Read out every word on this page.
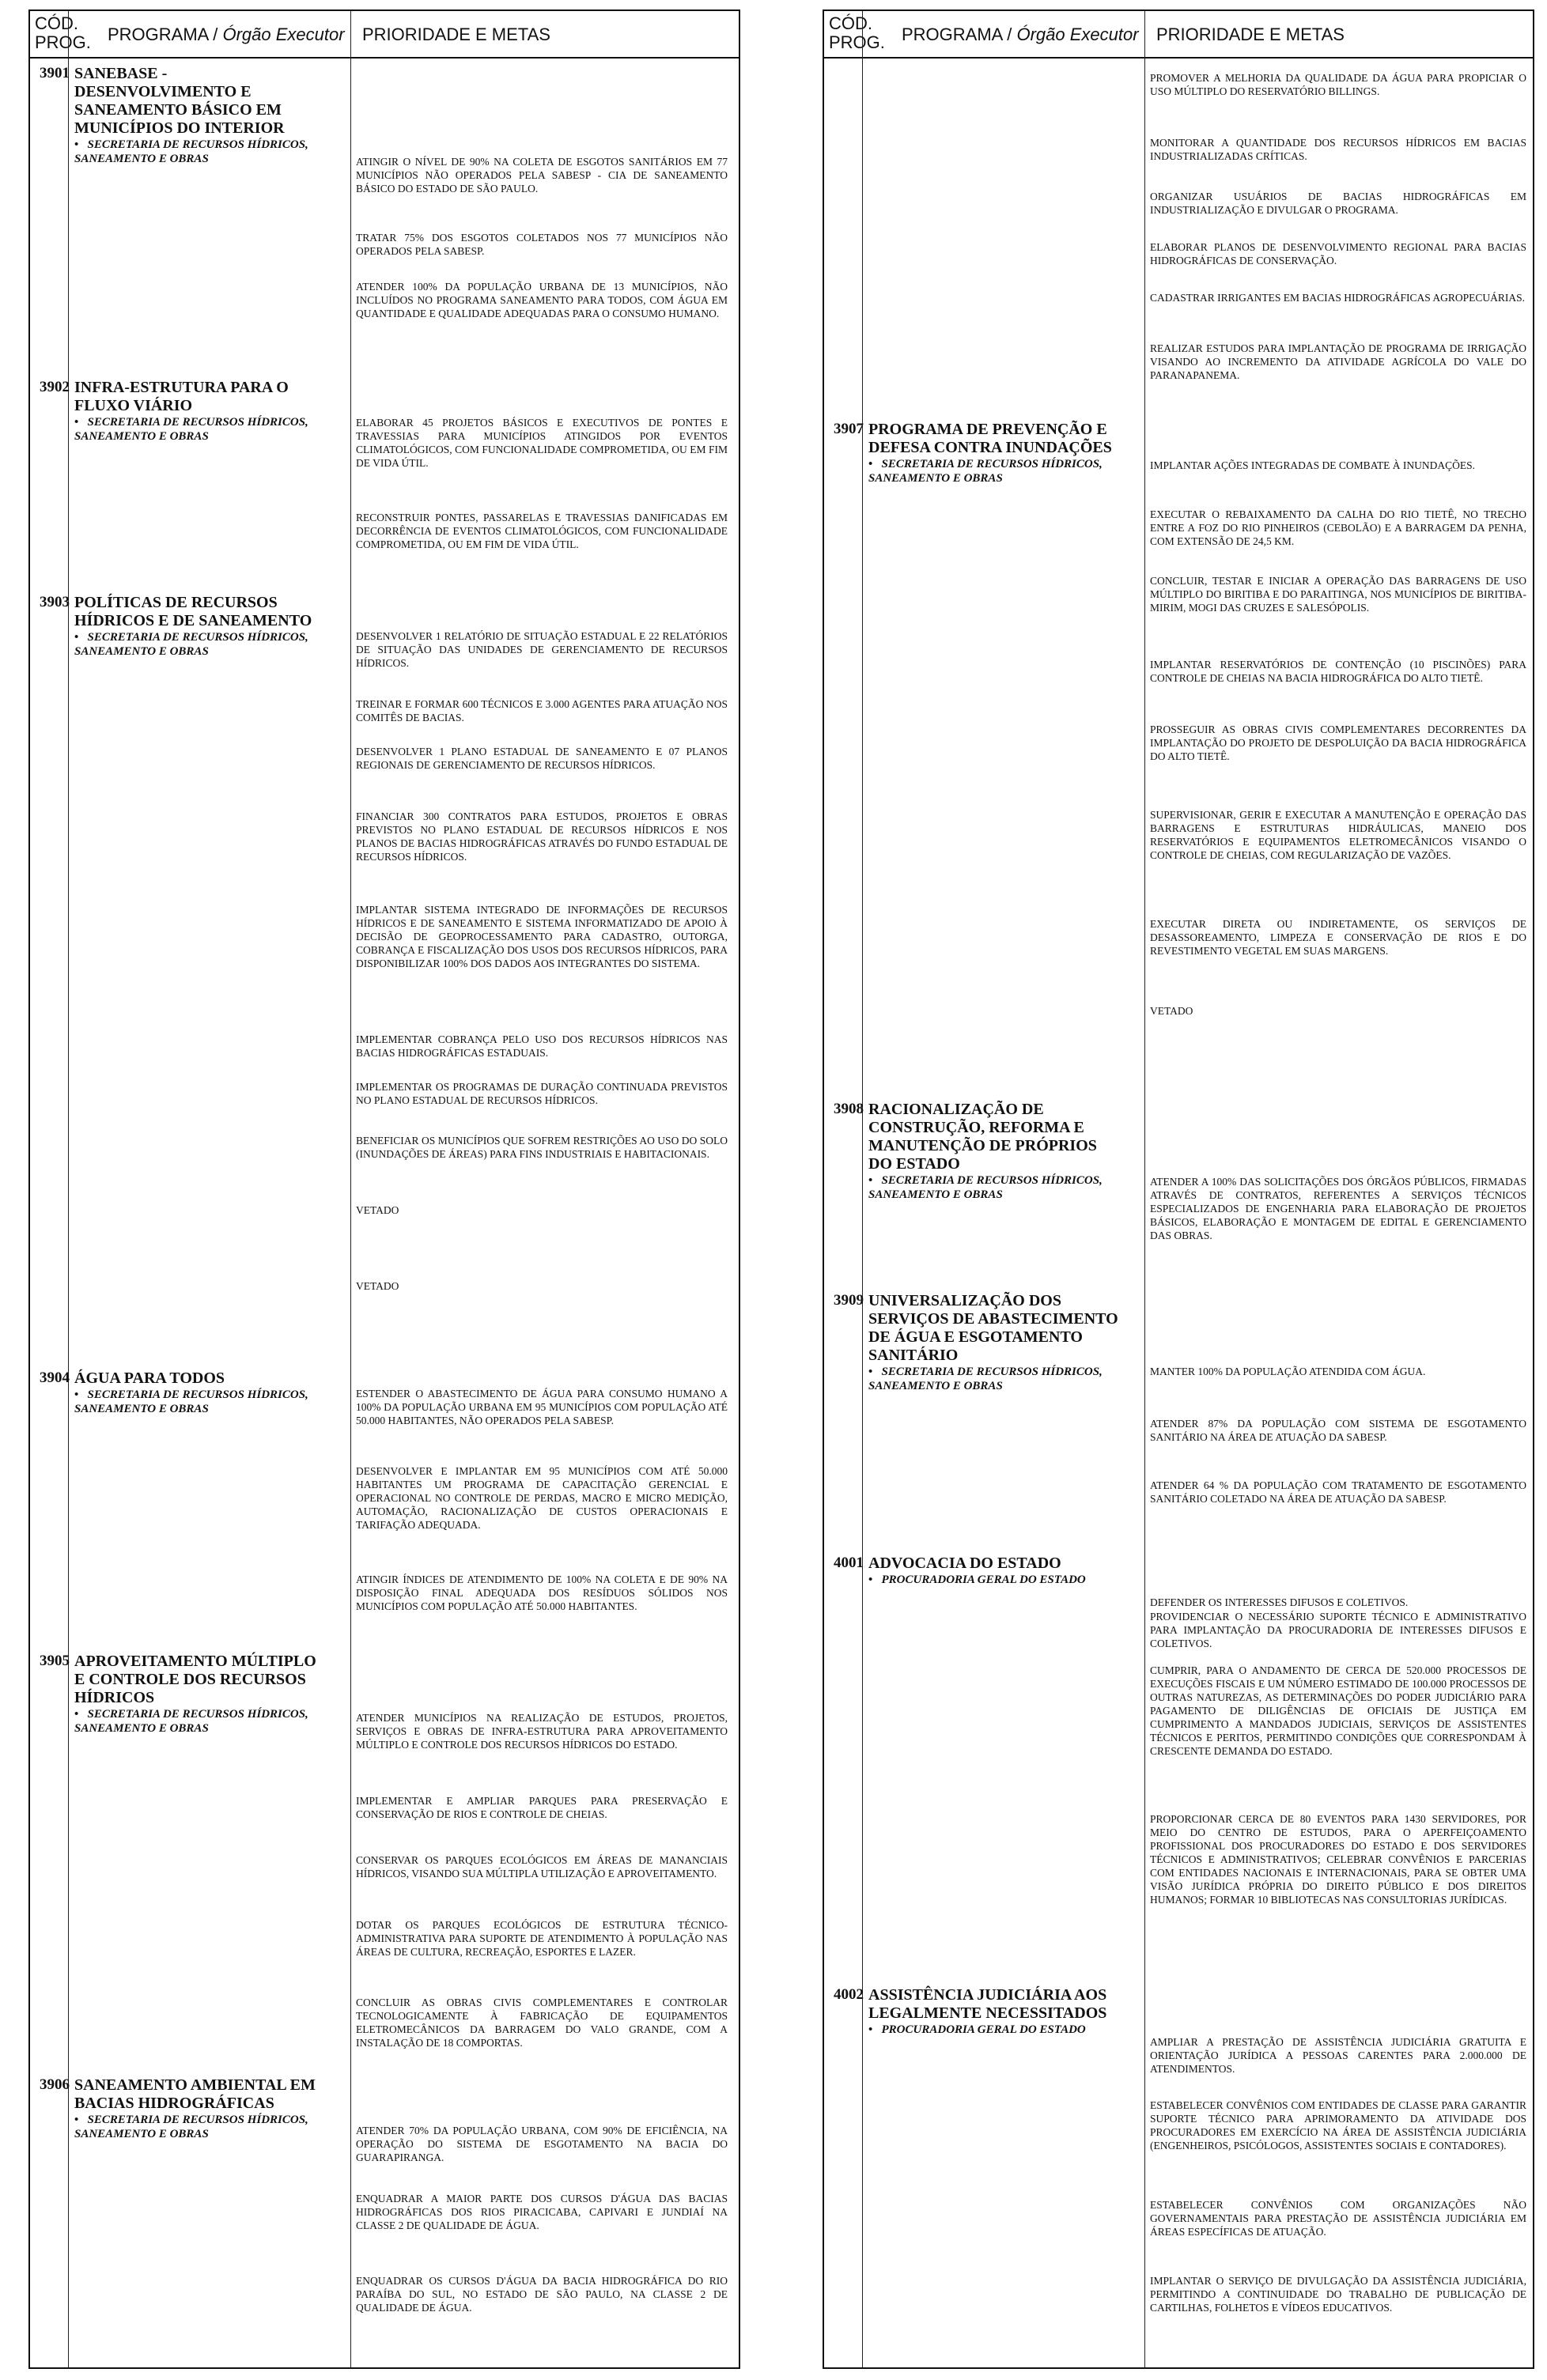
CÓD.
PROG. PROGRAMA / Órgão Executor PRIORIDADE E METAS
3901 SANEBASE - DESENVOLVIMENTO E SANEAMENTO BÁSICO EM MUNICÍPIOS DO INTERIOR
•   SECRETARIA DE RECURSOS HÍDRICOS, SANEAMENTO E OBRAS	ATINGIR O NÍVEL DE 90% NA COLETA DE ESGOTOS SANITÁRIOS EM 77 MUNICÍPIOS NÃO OPERADOS PELA SABESP - CIA DE SANEAMENTO BÁSICO DO ESTADO DE SÃO PAULO.
TRATAR 75% DOS ESGOTOS COLETADOS NOS 77 MUNICÍPIOS NÃO OPERADOS PELA SABESP.
ATENDER 100% DA POPULAÇÃO URBANA DE 13 MUNICÍPIOS, NÃO INCLUÍDOS NO PROGRAMA SANEAMENTO PARA TODOS, COM ÁGUA EM QUANTIDADE E QUALIDADE ADEQUADAS PARA O CONSUMO HUMANO.
3902 INFRA-ESTRUTURA PARA O FLUXO VIÁRIO
•   SECRETARIA DE RECURSOS HÍDRICOS, SANEAMENTO E OBRAS
ELABORAR 45 PROJETOS BÁSICOS E EXECUTIVOS DE PONTES E TRAVESSIAS PARA MUNICÍPIOS ATINGIDOS POR EVENTOS CLIMATOLÓGICOS, COM FUNCIONALIDADE COMPROMETIDA, OU EM FIM DE VIDA ÚTIL.
RECONSTRUIR PONTES, PASSARELAS E TRAVESSIAS DANIFICADAS EM DECORRÊNCIA DE EVENTOS CLIMATOLÓGICOS, COM FUNCIONALIDADE COMPROMETIDA, OU EM FIM DE VIDA ÚTIL.
3903 POLÍTICAS DE RECURSOS HÍDRICOS E DE SANEAMENTO
•   SECRETARIA DE RECURSOS HÍDRICOS, SANEAMENTO E OBRAS
DESENVOLVER 1 RELATÓRIO DE SITUAÇÃO ESTADUAL E 22 RELATÓRIOS DE SITUAÇÃO DAS UNIDADES DE GERENCIAMENTO DE RECURSOS HÍDRICOS.
TREINAR E FORMAR 600 TÉCNICOS E 3.000 AGENTES PARA ATUAÇÃO NOS COMITÊS DE BACIAS.
DESENVOLVER 1 PLANO ESTADUAL DE SANEAMENTO E 07 PLANOS REGIONAIS DE GERENCIAMENTO DE RECURSOS HÍDRICOS.
FINANCIAR 300 CONTRATOS PARA ESTUDOS, PROJETOS E OBRAS PREVISTOS NO PLANO ESTADUAL DE RECURSOS HÍDRICOS E NOS PLANOS DE BACIAS HIDROGRÁFICAS ATRAVÉS DO FUNDO ESTADUAL DE RECURSOS HÍDRICOS.
IMPLANTAR SISTEMA INTEGRADO DE INFORMAÇÕES DE RECURSOS HÍDRICOS E DE SANEAMENTO E SISTEMA INFORMATIZADO DE APOIO À DECISÃO DE GEOPROCESSAMENTO PARA CADASTRO, OUTORGA, COBRANÇA E FISCALIZAÇÃO DOS USOS DOS RECURSOS HÍDRICOS, PARA DISPONIBILIZAR 100% DOS DADOS AOS INTEGRANTES DO SISTEMA.
IMPLEMENTAR COBRANÇA PELO USO DOS RECURSOS HÍDRICOS NAS BACIAS HIDROGRÁFICAS ESTADUAIS.
IMPLEMENTAR OS PROGRAMAS DE DURAÇÃO CONTINUADA PREVISTOS NO PLANO ESTADUAL DE RECURSOS HÍDRICOS.
BENEFICIAR OS MUNICÍPIOS QUE SOFREM RESTRIÇÕES AO USO DO SOLO (INUNDAÇÕES DE ÁREAS) PARA FINS INDUSTRIAIS E HABITACIONAIS.
VETADO
VETADO
3904 ÁGUA PARA TODOS
•   SECRETARIA DE RECURSOS HÍDRICOS, SANEAMENTO E OBRAS
ESTENDER O ABASTECIMENTO DE ÁGUA PARA CONSUMO HUMANO A 100% DA POPULAÇÃO URBANA EM 95 MUNICÍPIOS COM POPULAÇÃO ATÉ 50.000 HABITANTES, NÃO OPERADOS PELA SABESP.
DESENVOLVER E IMPLANTAR EM 95 MUNICÍPIOS COM ATÉ 50.000 HABITANTES UM PROGRAMA DE CAPACITAÇÃO GERENCIAL E OPERACIONAL NO CONTROLE DE PERDAS, MACRO E MICRO MEDIÇÃO, AUTOMAÇÃO, RACIONALIZAÇÃO DE CUSTOS OPERACIONAIS E TARIFAÇÃO ADEQUADA.
ATINGIR ÍNDICES DE ATENDIMENTO DE 100% NA COLETA E DE 90% NA DISPOSIÇÃO FINAL ADEQUADA DOS RESÍDUOS SÓLIDOS NOS MUNICÍPIOS COM POPULAÇÃO ATÉ 50.000 HABITANTES.
3905 APROVEITAMENTO MÚLTIPLO E CONTROLE DOS RECURSOS HÍDRICOS
•   SECRETARIA DE RECURSOS HÍDRICOS, SANEAMENTO E OBRAS
ATENDER MUNICÍPIOS NA REALIZAÇÃO DE ESTUDOS, PROJETOS, SERVIÇOS E OBRAS DE INFRA-ESTRUTURA PARA APROVEITAMENTO MÚLTIPLO E CONTROLE DOS RECURSOS HÍDRICOS DO ESTADO.
IMPLEMENTAR E AMPLIAR PARQUES PARA PRESERVAÇÃO E CONSERVAÇÃO DE RIOS E CONTROLE DE CHEIAS.
CONSERVAR OS PARQUES ECOLÓGICOS EM ÁREAS DE MANANCIAIS HÍDRICOS, VISANDO SUA MÚLTIPLA UTILIZAÇÃO E APROVEITAMENTO.
DOTAR OS PARQUES ECOLÓGICOS DE ESTRUTURA TÉCNICO-ADMINISTRATIVA PARA SUPORTE DE ATENDIMENTO À POPULAÇÃO NAS ÁREAS DE CULTURA, RECREAÇÃO, ESPORTES E LAZER.
CONCLUIR AS OBRAS CIVIS COMPLEMENTARES E CONTROLAR TECNOLOGICAMENTE À FABRICAÇÃO DE EQUIPAMENTOS ELETROMECÂNICOS DA BARRAGEM DO VALO GRANDE, COM A INSTALAÇÃO DE 18 COMPORTAS.
3906 SANEAMENTO AMBIENTAL EM BACIAS HIDROGRÁFICAS
•   SECRETARIA DE RECURSOS HÍDRICOS, SANEAMENTO E OBRAS	ATENDER 70% DA POPULAÇÃO URBANA, COM 90% DE EFICIÊNCIA, NA OPERAÇÃO DO SISTEMA DE ESGOTAMENTO NA BACIA DO GUARAPIRANGA.
ENQUADRAR A MAIOR PARTE DOS CURSOS D'ÁGUA DAS BACIAS HIDROGRÁFICAS DOS RIOS PIRACICABA, CAPIVARI E JUNDIAÍ NA CLASSE 2 DE QUALIDADE DE ÁGUA.
ENQUADRAR OS CURSOS D'ÁGUA DA BACIA HIDROGRÁFICA DO RIO PARAÍBA DO SUL, NO ESTADO DE SÃO PAULO, NA CLASSE 2 DE QUALIDADE DE ÁGUA.
CÓD.
PROG. PROGRAMA / Órgão Executor PRIORIDADE E METAS
PROMOVER A MELHORIA DA QUALIDADE DA ÁGUA PARA PROPICIAR O USO MÚLTIPLO DO RESERVATÓRIO BILLINGS.
MONITORAR A QUANTIDADE DOS RECURSOS HÍDRICOS EM BACIAS INDUSTRIALIZADAS CRÍTICAS.
ORGANIZAR USUÁRIOS DE BACIAS HIDROGRÁFICAS EM INDUSTRIALIZAÇÃO E DIVULGAR O PROGRAMA.
ELABORAR PLANOS DE DESENVOLVIMENTO REGIONAL PARA BACIAS HIDROGRÁFICAS DE CONSERVAÇÃO.
CADASTRAR IRRIGANTES EM BACIAS HIDROGRÁFICAS AGROPECUÁRIAS.
REALIZAR ESTUDOS PARA IMPLANTAÇÃO DE PROGRAMA DE IRRIGAÇÃO VISANDO AO INCREMENTO DA ATIVIDADE AGRÍCOLA DO VALE DO PARANAPANEMA.
3907 PROGRAMA DE PREVENÇÃO E DEFESA CONTRA INUNDAÇÕES
•   SECRETARIA DE RECURSOS HÍDRICOS, SANEAMENTO E OBRAS
IMPLANTAR AÇÕES INTEGRADAS DE COMBATE À INUNDAÇÕES.
EXECUTAR O REBAIXAMENTO DA CALHA DO RIO TIETÊ, NO TRECHO ENTRE A FOZ DO RIO PINHEIROS (CEBOLÃO) E A BARRAGEM DA PENHA, COM EXTENSÃO DE 24,5 KM.
CONCLUIR, TESTAR E INICIAR A OPERAÇÃO DAS BARRAGENS DE USO MÚLTIPLO DO BIRITIBA E DO PARAITINGA, NOS MUNICÍPIOS DE BIRITIBA-MIRIM, MOGI DAS CRUZES E SALESÓPOLIS.
IMPLANTAR RESERVATÓRIOS DE CONTENÇÃO (10 PISCINÕES) PARA CONTROLE DE CHEIAS NA BACIA HIDROGRÁFICA DO ALTO TIETÊ.
PROSSEGUIR AS OBRAS CIVIS COMPLEMENTARES DECORRENTES DA IMPLANTAÇÃO DO PROJETO DE DESPOLUIÇÃO DA BACIA HIDROGRÁFICA DO ALTO TIETÊ.
SUPERVISIONAR, GERIR E EXECUTAR A MANUTENÇÃO E OPERAÇÃO DAS BARRAGENS E ESTRUTURAS HIDRÁULICAS, MANEIO DOS RESERVATÓRIOS E EQUIPAMENTOS ELETROMECÂNICOS VISANDO O CONTROLE DE CHEIAS, COM REGULARIZAÇÃO DE VAZÕES.
EXECUTAR DIRETA OU INDIRETAMENTE, OS SERVIÇOS DE DESASSOREAMENTO, LIMPEZA E CONSERVAÇÃO DE RIOS E DO REVESTIMENTO VEGETAL EM SUAS MARGENS.
VETADO
3908 RACIONALIZAÇÃO DE CONSTRUÇÃO, REFORMA E MANUTENÇÃO DE PRÓPRIOS DO ESTADO
•   SECRETARIA DE RECURSOS HÍDRICOS, SANEAMENTO E OBRAS
ATENDER A 100% DAS SOLICITAÇÕES DOS ÓRGÃOS PÚBLICOS, FIRMADAS ATRAVÉS DE CONTRATOS, REFERENTES A SERVIÇOS TÉCNICOS ESPECIALIZADOS DE ENGENHARIA PARA ELABORAÇÃO DE PROJETOS BÁSICOS, ELABORAÇÃO E MONTAGEM DE EDITAL E GERENCIAMENTO DAS OBRAS.
3909 UNIVERSALIZAÇÃO DOS SERVIÇOS DE ABASTECIMENTO DE ÁGUA E ESGOTAMENTO SANITÁRIO
•   SECRETARIA DE RECURSOS HÍDRICOS, SANEAMENTO E OBRAS
MANTER 100% DA POPULAÇÃO ATENDIDA COM ÁGUA.
ATENDER 87% DA POPULAÇÃO COM SISTEMA DE ESGOTAMENTO SANITÁRIO NA ÁREA DE ATUAÇÃO DA SABESP.
ATENDER 64 % DA POPULAÇÃO COM TRATAMENTO DE ESGOTAMENTO SANITÁRIO COLETADO NA ÁREA DE ATUAÇÃO DA SABESP.
4001 ADVOCACIA DO ESTADO
•   PROCURADORIA GERAL DO ESTADO
DEFENDER OS INTERESSES DIFUSOS E COLETIVOS.
PROVIDENCIAR O NECESSÁRIO SUPORTE TÉCNICO E ADMINISTRATIVO PARA IMPLANTAÇÃO DA PROCURADORIA DE INTERESSES DIFUSOS E COLETIVOS.
CUMPRIR, PARA O ANDAMENTO DE CERCA DE 520.000 PROCESSOS DE EXECUÇÕES FISCAIS E UM NÚMERO ESTIMADO DE 100.000 PROCESSOS DE OUTRAS NATUREZAS, AS DETERMINAÇÕES DO PODER JUDICIÁRIO PARA PAGAMENTO DE DILIGÊNCIAS DE OFICIAIS DE JUSTIÇA EM CUMPRIMENTO A MANDADOS JUDICIAIS, SERVIÇOS DE ASSISTENTES TÉCNICOS E PERITOS, PERMITINDO CONDIÇÕES QUE CORRESPONDAM À CRESCENTE DEMANDA DO ESTADO.
PROPORCIONAR CERCA DE 80 EVENTOS PARA 1430 SERVIDORES, POR MEIO DO CENTRO DE ESTUDOS, PARA O APERFEIÇOAMENTO PROFISSIONAL DOS PROCURADORES DO ESTADO E DOS SERVIDORES TÉCNICOS E ADMINISTRATIVOS; CELEBRAR CONVÊNIOS E PARCERIAS COM ENTIDADES NACIONAIS E INTERNACIONAIS, PARA SE OBTER UMA VISÃO JURÍDICA PRÓPRIA DO DIREITO PÚBLICO E DOS DIREITOS HUMANOS; FORMAR 10 BIBLIOTECAS NAS CONSULTORIAS JURÍDICAS.
4002 ASSISTÊNCIA JUDICIÁRIA AOS LEGALMENTE NECESSITADOS
•   PROCURADORIA GERAL DO ESTADO
AMPLIAR A PRESTAÇÃO DE ASSISTÊNCIA JUDICIÁRIA GRATUITA E ORIENTAÇÃO JURÍDICA A PESSOAS CARENTES PARA 2.000.000 DE ATENDIMENTOS.
ESTABELECER CONVÊNIOS COM ENTIDADES DE CLASSE PARA GARANTIR SUPORTE TÉCNICO PARA APRIMORAMENTO DA ATIVIDADE DOS PROCURADORES EM EXERCÍCIO NA ÁREA DE ASSISTÊNCIA JUDICIÁRIA (ENGENHEIROS, PSICÓLOGOS, ASSISTENTES SOCIAIS E CONTADORES).
ESTABELECER CONVÊNIOS COM ORGANIZAÇÕES NÃO GOVERNAMENTAIS PARA PRESTAÇÃO DE ASSISTÊNCIA JUDICIÁRIA EM ÁREAS ESPECÍFICAS DE ATUAÇÃO.
IMPLANTAR O SERVIÇO DE DIVULGAÇÃO DA ASSISTÊNCIA JUDICIÁRIA, PERMITINDO A CONTINUIDADE DO TRABALHO DE PUBLICAÇÃO DE CARTILHAS, FOLHETOS E VÍDEOS EDUCATIVOS.
